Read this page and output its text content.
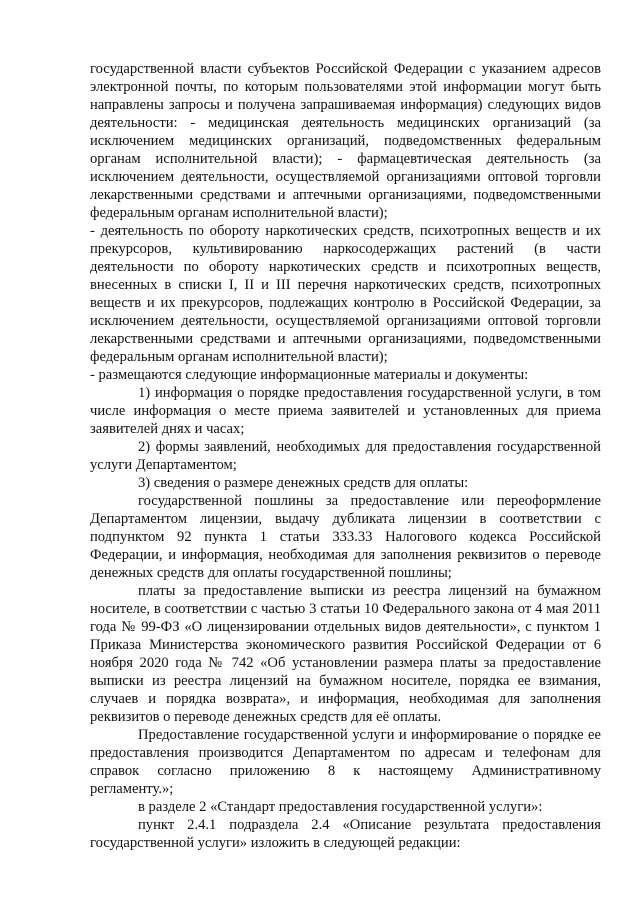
государственной власти субъектов Российской Федерации с указанием адресов электронной почты, по которым пользователями этой информации могут быть направлены запросы и получена запрашиваемая информация) следующих видов деятельности: - медицинская деятельность медицинских организаций (за исключением медицинских организаций, подведомственных федеральным органам исполнительной власти); - фармацевтическая деятельность (за исключением деятельности, осуществляемой организациями оптовой торговли лекарственными средствами и аптечными организациями, подведомственными федеральным органам исполнительной власти);

- деятельность по обороту наркотических средств, психотропных веществ и их прекурсоров, культивированию наркосодержащих растений (в части деятельности по обороту наркотических средств и психотропных веществ, внесенных в списки I, II и III перечня наркотических средств, психотропных веществ и их прекурсоров, подлежащих контролю в Российской Федерации, за исключением деятельности, осуществляемой организациями оптовой торговли лекарственными средствами и аптечными организациями, подведомственными федеральным органам исполнительной власти);

- размещаются следующие информационные материалы и документы:

1) информация о порядке предоставления государственной услуги, в том числе информация о месте приема заявителей и установленных для приема заявителей днях и часах;

2) формы заявлений, необходимых для предоставления государственной услуги Департаментом;

3) сведения о размере денежных средств для оплаты:

государственной пошлины за предоставление или переоформление Департаментом лицензии, выдачу дубликата лицензии в соответствии с подпунктом 92 пункта 1 статьи 333.33 Налогового кодекса Российской Федерации, и информация, необходимая для заполнения реквизитов о переводе денежных средств для оплаты государственной пошлины;

платы за предоставление выписки из реестра лицензий на бумажном носителе, в соответствии с частью 3 статьи 10 Федерального закона от 4 мая 2011 года № 99-ФЗ «О лицензировании отдельных видов деятельности», с пунктом 1 Приказа Министерства экономического развития Российской Федерации от 6 ноября 2020 года № 742 «Об установлении размера платы за предоставление выписки из реестра лицензий на бумажном носителе, порядка ее взимания, случаев и порядка возврата», и информация, необходимая для заполнения реквизитов о переводе денежных средств для её оплаты.

Предоставление государственной услуги и информирование о порядке ее предоставления производится Департаментом по адресам и телефонам для справок согласно приложению 8 к настоящему Административному регламенту.»;

в разделе 2 «Стандарт предоставления государственной услуги»:

пункт 2.4.1 подраздела 2.4 «Описание результата предоставления государственной услуги» изложить в следующей редакции:
